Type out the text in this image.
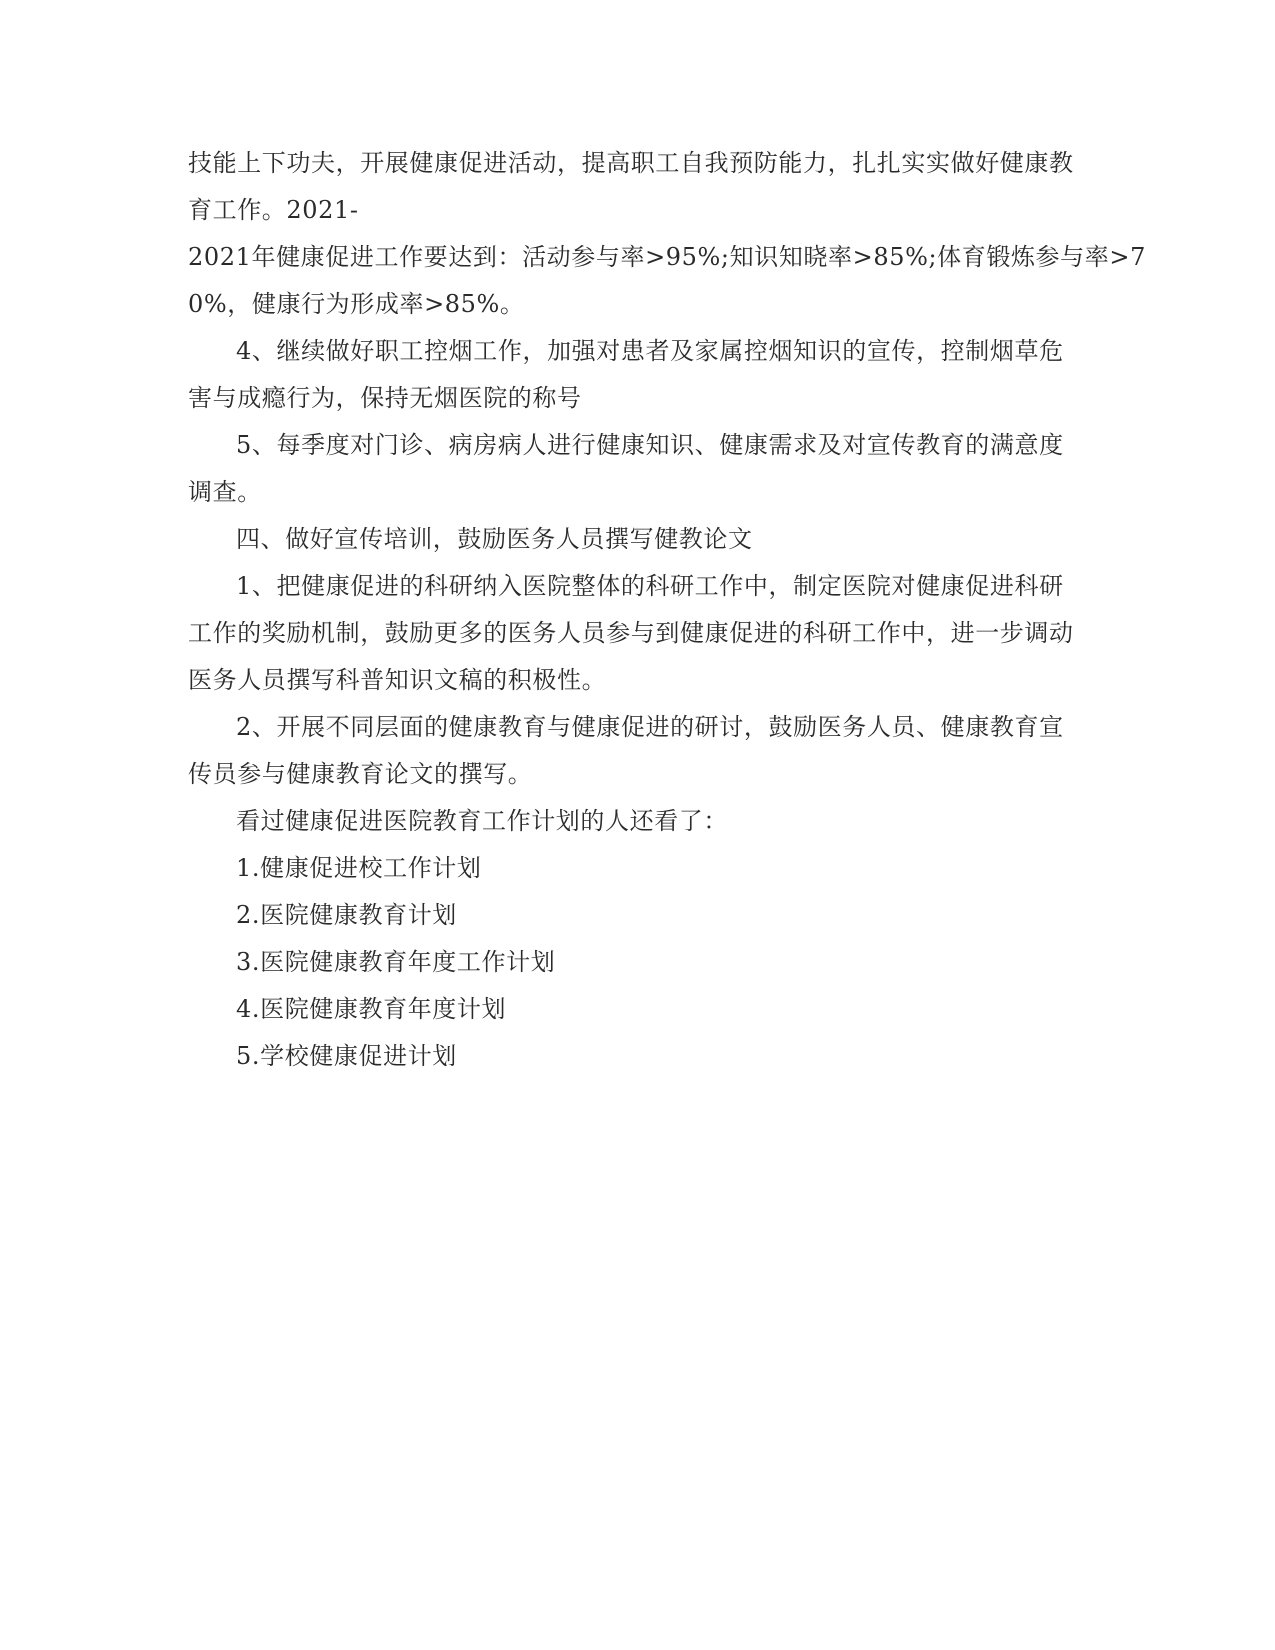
技能上下功夫，开展健康促进活动，提高职工自我预防能力，扎扎实实做好健康教

育工作。2021-

2021年健康促进工作要达到：活动参与率>95%;知识知晓率>85%;体育锻炼参与率>7

0%，健康行为形成率>85%。

4、继续做好职工控烟工作，加强对患者及家属控烟知识的宣传，控制烟草危

害与成瘾行为，保持无烟医院的称号

5、每季度对门诊、病房病人进行健康知识、健康需求及对宣传教育的满意度

调查。

四、做好宣传培训，鼓励医务人员撰写健教论文

1、把健康促进的科研纳入医院整体的科研工作中，制定医院对健康促进科研

工作的奖励机制，鼓励更多的医务人员参与到健康促进的科研工作中，进一步调动

医务人员撰写科普知识文稿的积极性。

2、开展不同层面的健康教育与健康促进的研讨，鼓励医务人员、健康教育宣

传员参与健康教育论文的撰写。

看过健康促进医院教育工作计划的人还看了：

1.健康促进校工作计划

2.医院健康教育计划

3.医院健康教育年度工作计划

4.医院健康教育年度计划

5.学校健康促进计划
